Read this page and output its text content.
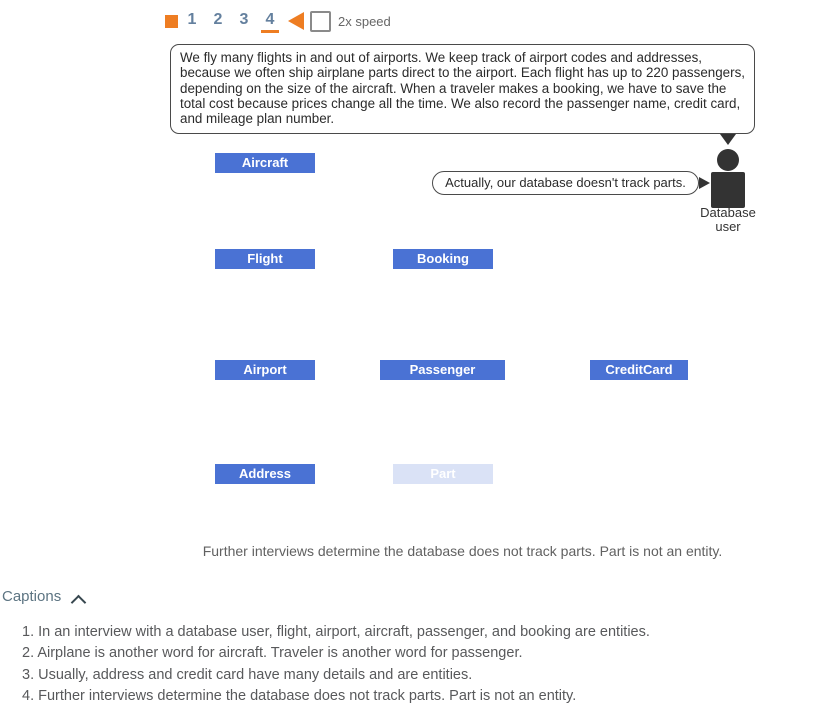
1 2 3 4	2x speed
We fly many flights in and out of airports. We keep track of airport codes and addresses, because we often ship airplane parts direct to the airport. Each flight has up to 220 passengers, depending on the size of the aircraft. When a traveler makes a booking, we have to save the total cost because prices change all the time. We also record the passenger name, credit card, and mileage plan number.
Database
user
Actually, our database doesn't track parts.
Aircraft
Flight	Booking
Airport	Passenger	CreditCard
Address	Part
Further interviews determine the database does not track parts. Part is not an entity.
Captions
1. In an interview with a database user, flight, airport, aircraft, passenger, and booking are entities.
2. Airplane is another word for aircraft. Traveler is another word for passenger.
3. Usually, address and credit card have many details and are entities.
4. Further interviews determine the database does not track parts. Part is not an entity.
